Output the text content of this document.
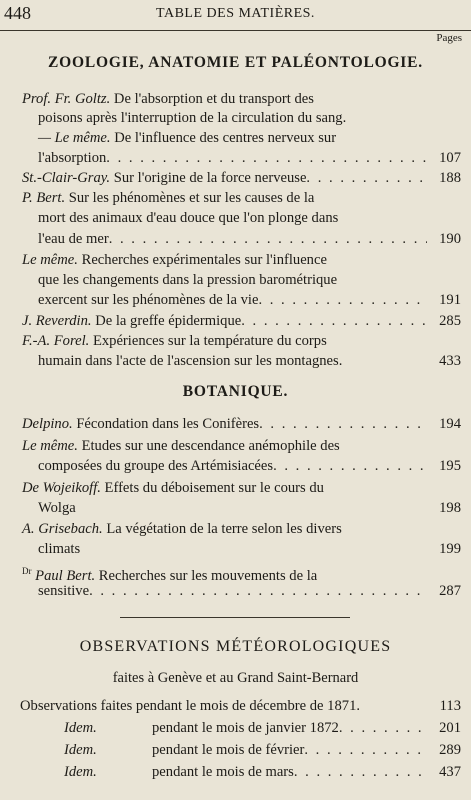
448	TABLE DES MATIÈRES.
Pages
ZOOLOGIE, ANATOMIE ET PALÉONTOLOGIE.
Prof. Fr. Goltz. De l'absorption et du transport des
poisons après l'interruption de la circulation du sang.
— Le même. De l'influence des centres nerveux sur
l'absorption . . .	107
St.-Clair-Gray. Sur l'origine de la force nerveuse . . .	188
P. Bert. Sur les phénomènes et sur les causes de la
mort des animaux d'eau douce que l'on plonge dans
l'eau de mer . . .	190
Le même. Recherches expérimentales sur l'influence
que les changements dans la pression barométrique
exercent sur les phénomènes de la vie . . .	191
J. Reverdin. De la greffe épidermique . . .	285
F.-A. Forel. Expériences sur la température du corps
humain dans l'acte de l'ascension sur les montagnes.	433
BOTANIQUE.
Delpino. Fécondation dans les Conifères . . .	194
Le même. Etudes sur une descendance anémophile des
composées du groupe des Artémisiacées . . .	195
De Wojeikoff. Effets du déboisement sur le cours du
Wolga	198
A. Grisebach. La végétation de la terre selon les divers
climats	199
$^{Dr}$ Paul Bert. Recherches sur les mouvements de la
sensitive . . .	287
OBSERVATIONS MÉTÉOROLOGIQUES
faites à Genève et au Grand Saint-Bernard
Observations faites pendant le mois de décembre de 1871.	113
Idem.	pendant le mois de janvier 1872 . . .	201
Idem.	pendant le mois de février . . .	289
Idem.	pendant le mois de mars . . .	437
